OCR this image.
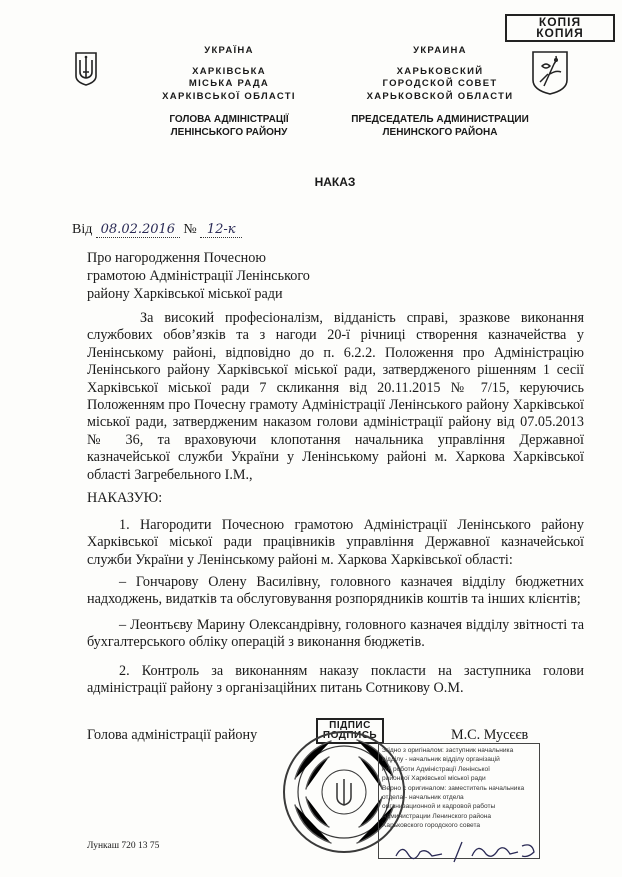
КОПІЯ
КОПИЯ
УКРАЇНА
ХАРКІВСЬКА
МІСЬКА РАДА
ХАРКІВСЬКОЇ ОБЛАСТІ
ГОЛОВА АДМІНІСТРАЦІЇ
ЛЕНІНСЬКОГО РАЙОНУ
УКРАИНА
ХАРЬКОВСКИЙ
ГОРОДСКОЙ СОВЕТ
ХАРЬКОВСКОЙ ОБЛАСТИ
ПРЕДСЕДАТЕЛЬ АДМИНИСТРАЦИИ
ЛЕНИНСКОГО РАЙОНА
НАКАЗ
Від 08.02.2016 № 12-к
Про нагородження Почесною
грамотою Адміністрації Ленінського
району Харківської міської ради
За високий професіоналізм, відданість справі, зразкове виконання службових обов’язків та з нагоди 20-ї річниці створення казначейства у Ленінському районі, відповідно до п. 6.2.2. Положення про Адміністрацію Ленінського району Харківської міської ради, затвердженого рішенням 1 сесії Харківської міської ради 7 скликання від 20.11.2015 № 7/15, керуючись Положенням про Почесну грамоту Адміністрації Ленінського району Харківської міської ради, затвердженим наказом голови адміністрації району від 07.05.2013 № 36, та враховуючи клопотання начальника управління Державної казначейської служби України у Ленінському районі м. Харкова Харківської області Загребельного І.М.,
НАКАЗУЮ:
1. Нагородити Почесною грамотою Адміністрації Ленінського району Харківської міської ради працівників управління Державної казначейської служби України у Ленінському районі м. Харкова Харківської області:
– Гончарову Олену Василівну, головного казначея відділу бюджетних надходжень, видатків та обслуговування розпорядників коштів та інших клієнтів;
– Леонтьєву Марину Олександрівну, головного казначея відділу звітності та бухгалтерського обліку операцій з виконання бюджетів.
2. Контроль за виконанням наказу покласти на заступника голови адміністрації району з організаційних питань Сотникову О.М.
Голова адміністрації району
ПІДПИС
ПОДПИСЬ	М.С. Мусєєв
Згідно з оригіналом: заступник начальника
відділу - начальник відділу організацій
ної роботи Адміністрації Ленінської
районної Харківської міської ради
Верно с оригиналом: заместитель начальника
отдела - начальник отдела
организационной и кадровой работы
Администрации Ленинского района
Харьковского городского совета
Лункаш 720 13 75
